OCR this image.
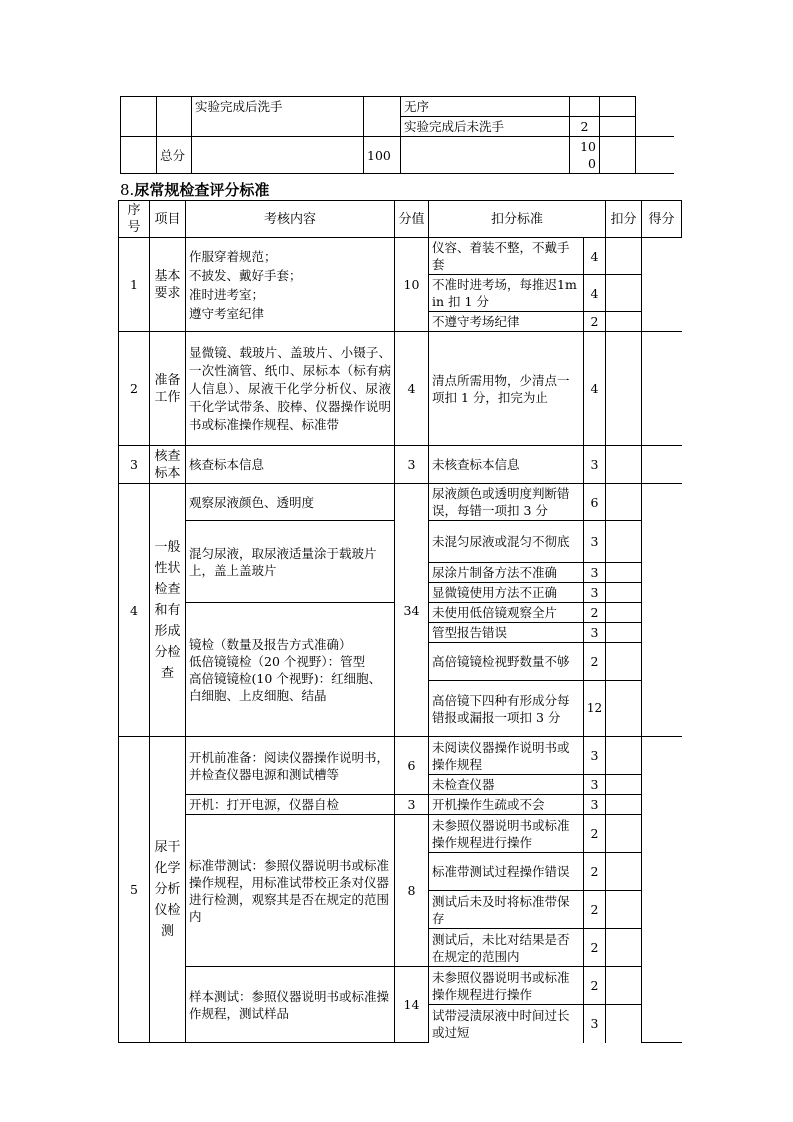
		实验完成后洗手		无序			
				实验完成后未洗手	2		
	总分		100		100		
8.尿常规检查评分标准
序号	项目	考核内容	分值	扣分标准		扣分	得分
1	基本要求	作服穿着规范；
不披发、戴好手套；
准时进考室；
遵守考室纪律	10	仪容、着装不整，不戴手套	4		
				不准时进考场，每推迟1min 扣 1 分	4		
				不遵守考场纪律	2		
2	准备工作	显微镜、载玻片、盖玻片、小镊子、一次性滴管、纸巾、尿标本（标有病人信息）、尿液干化学分析仪、尿液干化学试带条、胶棒、仪器操作说明书或标准操作规程、标准带	4	清点所需用物，少清点一项扣 1 分，扣完为止	4		
3	核查标本	核查标本信息	3	未核查标本信息	3		
4	一般性状检查和有形成分检查	观察尿液颜色、透明度	34	尿液颜色或透明度判断错误，每错一项扣 3 分	6		
		混匀尿液，取尿液适量涂于载玻片上，盖上盖玻片		未混匀尿液或混匀不彻底	3		
				尿涂片制备方法不准确	3		
				显微镜使用方法不正确	3		
		镜检（数量及报告方式准确）
低倍镜镜检（20 个视野）：管型
高倍镜镜检(10 个视野)：红细胞、白细胞、上皮细胞、结晶		未使用低倍镜观察全片	2		
				管型报告错误	3		
				高倍镜镜检视野数量不够	2		
				高倍镜下四种有形成分每错报或漏报一项扣 3 分	12		
5	尿干化学分析仪检测	开机前准备：阅读仪器操作说明书，并检查仪器电源和测试槽等	6	未阅读仪器操作说明书或操作规程	3		
				未检查仪器	3		
		开机：打开电源，仪器自检	3	开机操作生疏或不会	3		
		标准带测试：参照仪器说明书或标准操作规程，用标准试带校正条对仪器进行检测，观察其是否在规定的范围内	8	未参照仪器说明书或标准操作规程进行操作	2		
				标准带测试过程操作错误	2		
				测试后未及时将标准带保存	2		
				测试后，未比对结果是否在规定的范围内	2		
		样本测试：参照仪器说明书或标准操作规程，测试样品	14	未参照仪器说明书或标准操作规程进行操作	2		
				试带浸渍尿液中时间过长或过短	3		
